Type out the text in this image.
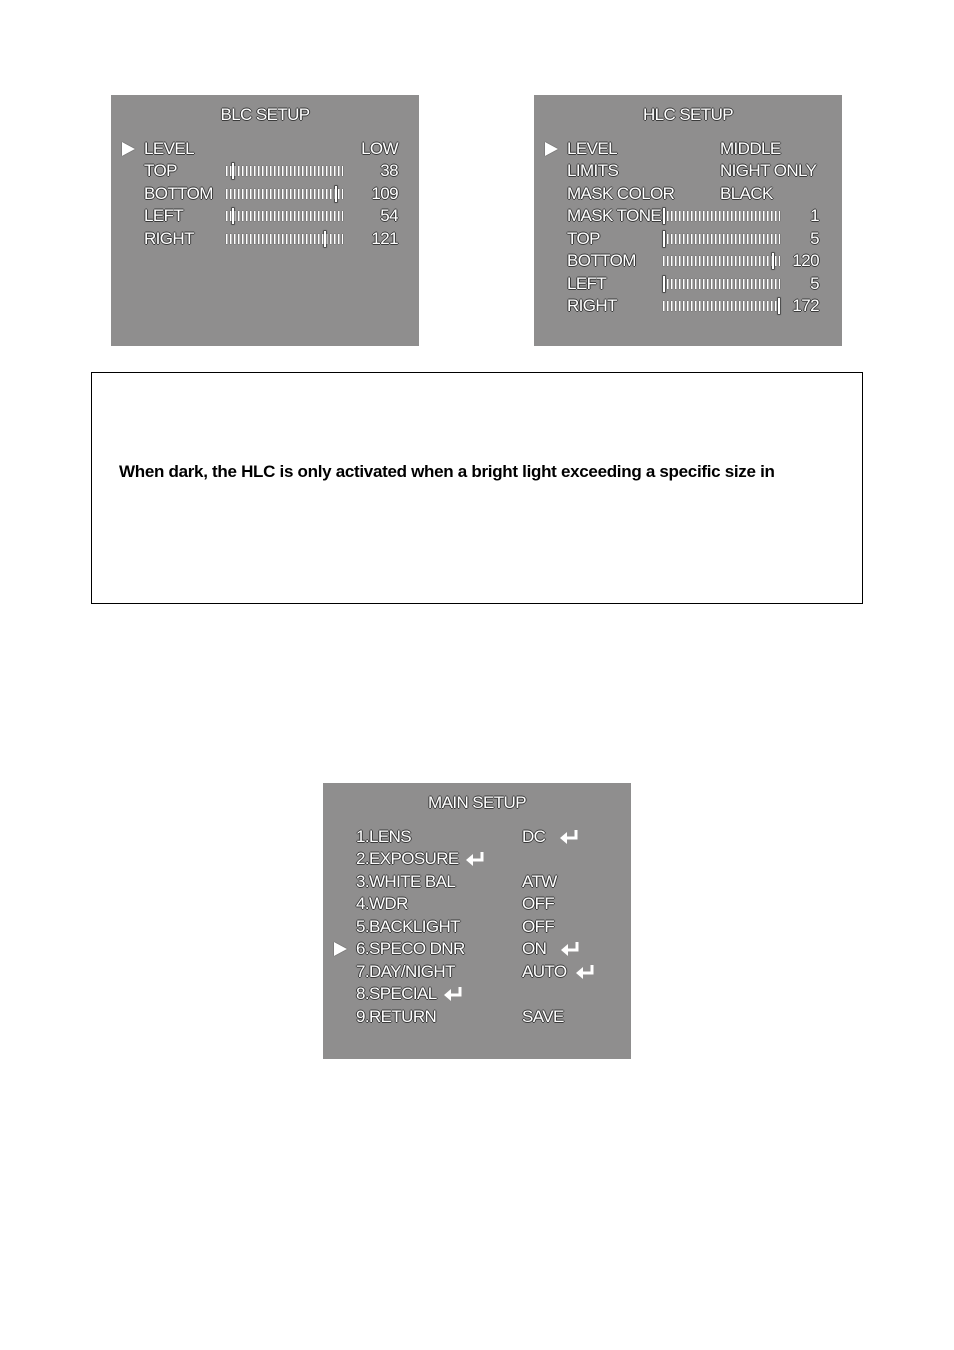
BLC SETUP
LEVEL	LOW
TOP	38
BOTTOM	109
LEFT	54
RIGHT	121
HLC SETUP
LEVEL	MIDDLE
LIMITS	NIGHT ONLY
MASK COLOR	BLACK
MASK TONE	1
TOP	5
BOTTOM	120
LEFT	5
RIGHT	172
When dark, the HLC is only activated when a bright light exceeding a specific size in
MAIN SETUP
1.LENS	DC
2.EXPOSURE
3.WHITE BAL	ATW
4.WDR	OFF
5.BACKLIGHT	OFF
6.SPECO DNR	ON
7.DAY/NIGHT	AUTO
8.SPECIAL
9.RETURN	SAVE
